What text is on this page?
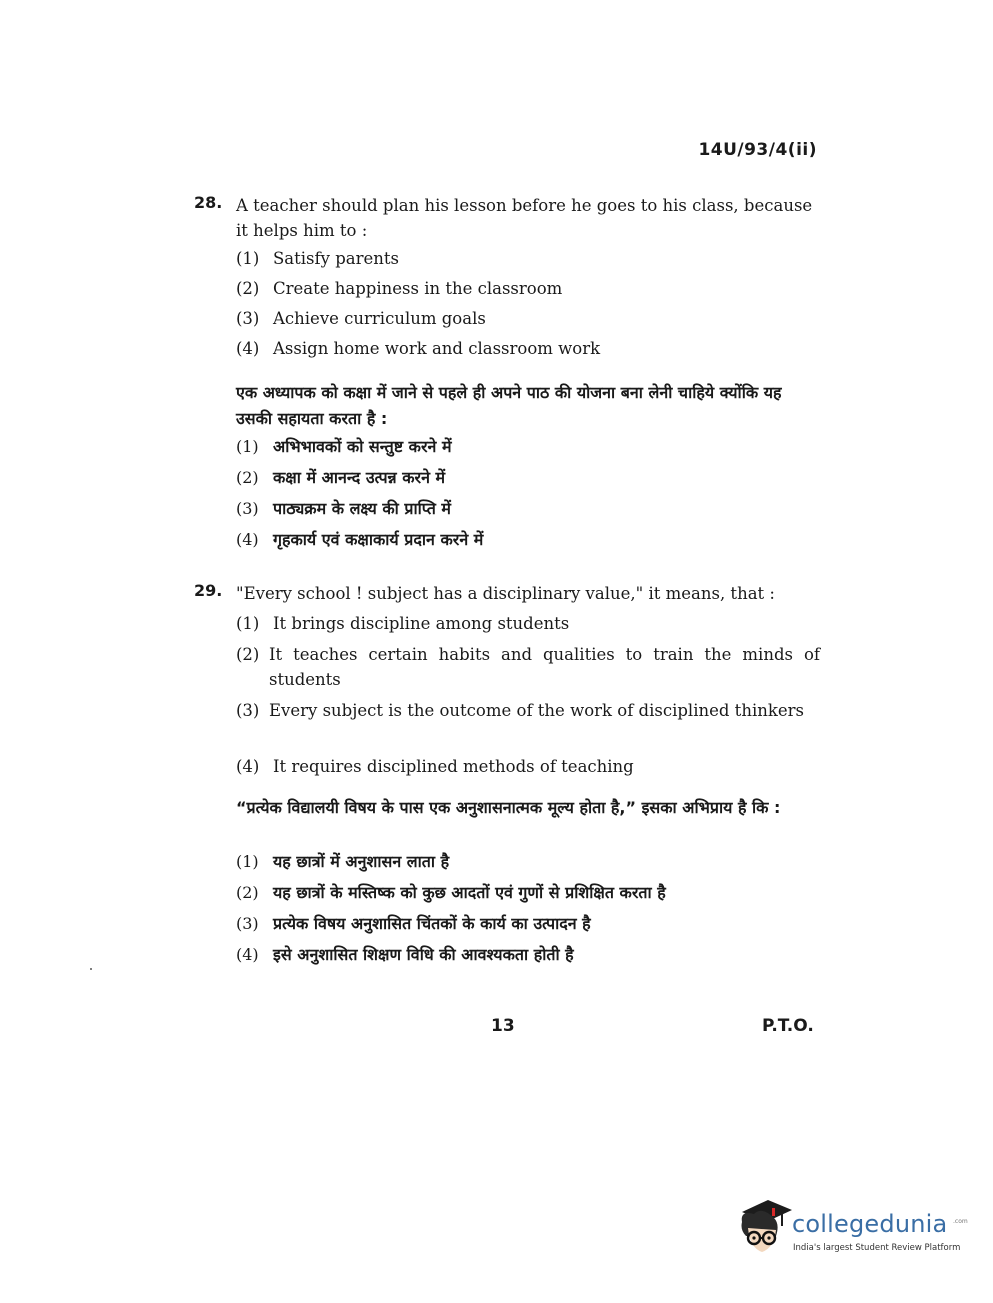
14U/93/4(ii)
28. A teacher should plan his lesson before he goes to his class, because it helps him to :
(1) Satisfy parents
(2) Create happiness in the classroom
(3) Achieve curriculum goals
(4) Assign home work and classroom work
एक अध्यापक को कक्षा में जाने से पहले ही अपने पाठ की योजना बना लेनी चाहिये क्योंकि यह उसकी सहायता करता है :
(1) अभिभावकों को सन्तुष्ट करने में
(2) कक्षा में आनन्द उत्पन्न करने में
(3) पाठ्यक्रम के लक्ष्य की प्राप्ति में
(4) गृहकार्य एवं कक्षाकार्य प्रदान करने में
29. "Every school ! subject has a disciplinary value," it means, that :
(1) It brings discipline among students
(2) It teaches certain habits and qualities to train the minds of students
(3) Every subject is the outcome of the work of disciplined thinkers
(4) It requires disciplined methods of teaching
“प्रत्येक विद्यालयी विषय के पास एक अनुशासनात्मक मूल्य होता है,” इसका अभिप्राय है कि :
(1) यह छात्रों में अनुशासन लाता है
(2) यह छात्रों के मस्तिष्क को कुछ आदतों एवं गुणों से प्रशिक्षित करता है
(3) प्रत्येक विषय अनुशासित चिंतकों के कार्य का उत्पादन है
(4) इसे अनुशासित शिक्षण विधि की आवश्यकता होती है
13	P.T.O.
collegedunia .com
India's largest Student Review Platform
